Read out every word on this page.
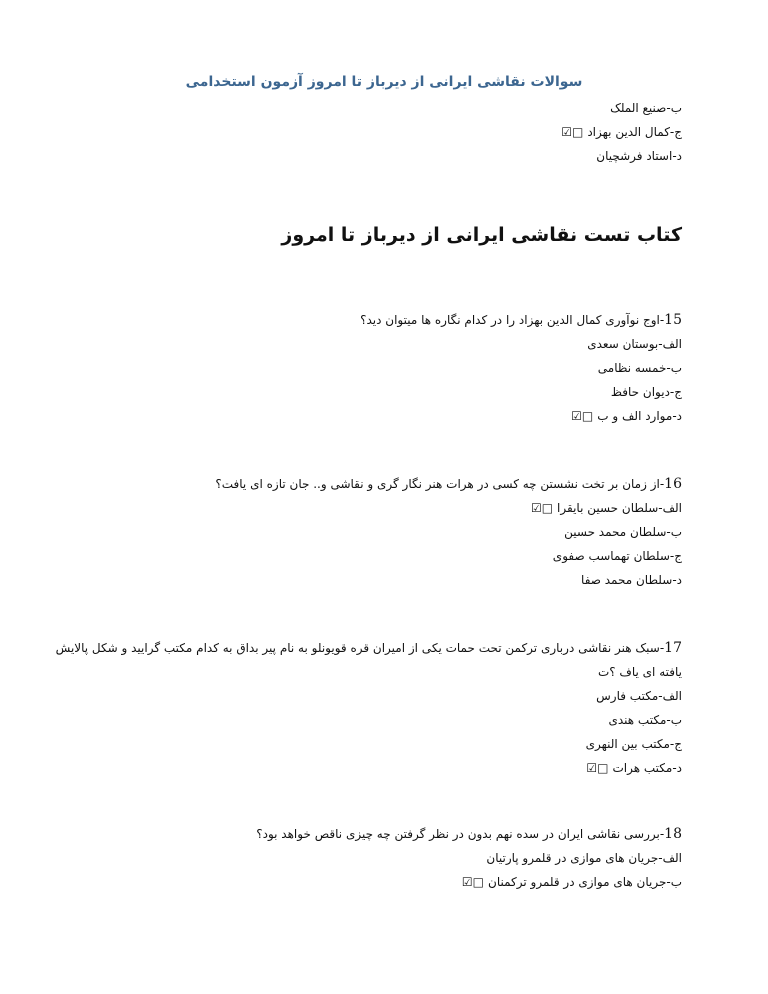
سوالات نقاشی ایرانی از دیرباز تا امروز آزمون استخدامی
ب-صنیع الملک
ج-کمال الدین بهزاد□☑
د-استاد فرشچیان
کتاب تست نقاشی ایرانی از دیرباز تا امروز
15-اوج نوآوری کمال الدین بهزاد را در کدام نگاره ها میتوان دید؟
الف-بوستان سعدی
ب-خمسه نظامی
ج-دیوان حافظ
د-موارد الف و ب□☑
16-از زمان بر تخت نشستن چه کسی در هرات هنر نگار گری و نقاشی و.. جان تازه ای یافت؟
الف-سلطان حسین بایقرا□☑
ب-سلطان محمد حسین
ج-سلطان تهماسب صفوی
د-سلطان محمد صفا
17-سبک هنر نقاشی درباری ترکمن تحت حمات یکی از امیران قره قویونلو به نام پیر بداق به کدام مکتب گرایید و شکل پالایش
یافته ای یاف ؟ت
الف-مکتب فارس
ب-مکتب هندی
ج-مکتب بین النهری
د-مکتب هرات□☑
18-بررسی نقاشی ایران در سده نهم بدون در نظر گرفتن چه چیزی ناقص خواهد بود؟
الف-جریان های موازی در قلمرو پارتیان
ب-جریان های موازی در قلمرو ترکمنان□☑
